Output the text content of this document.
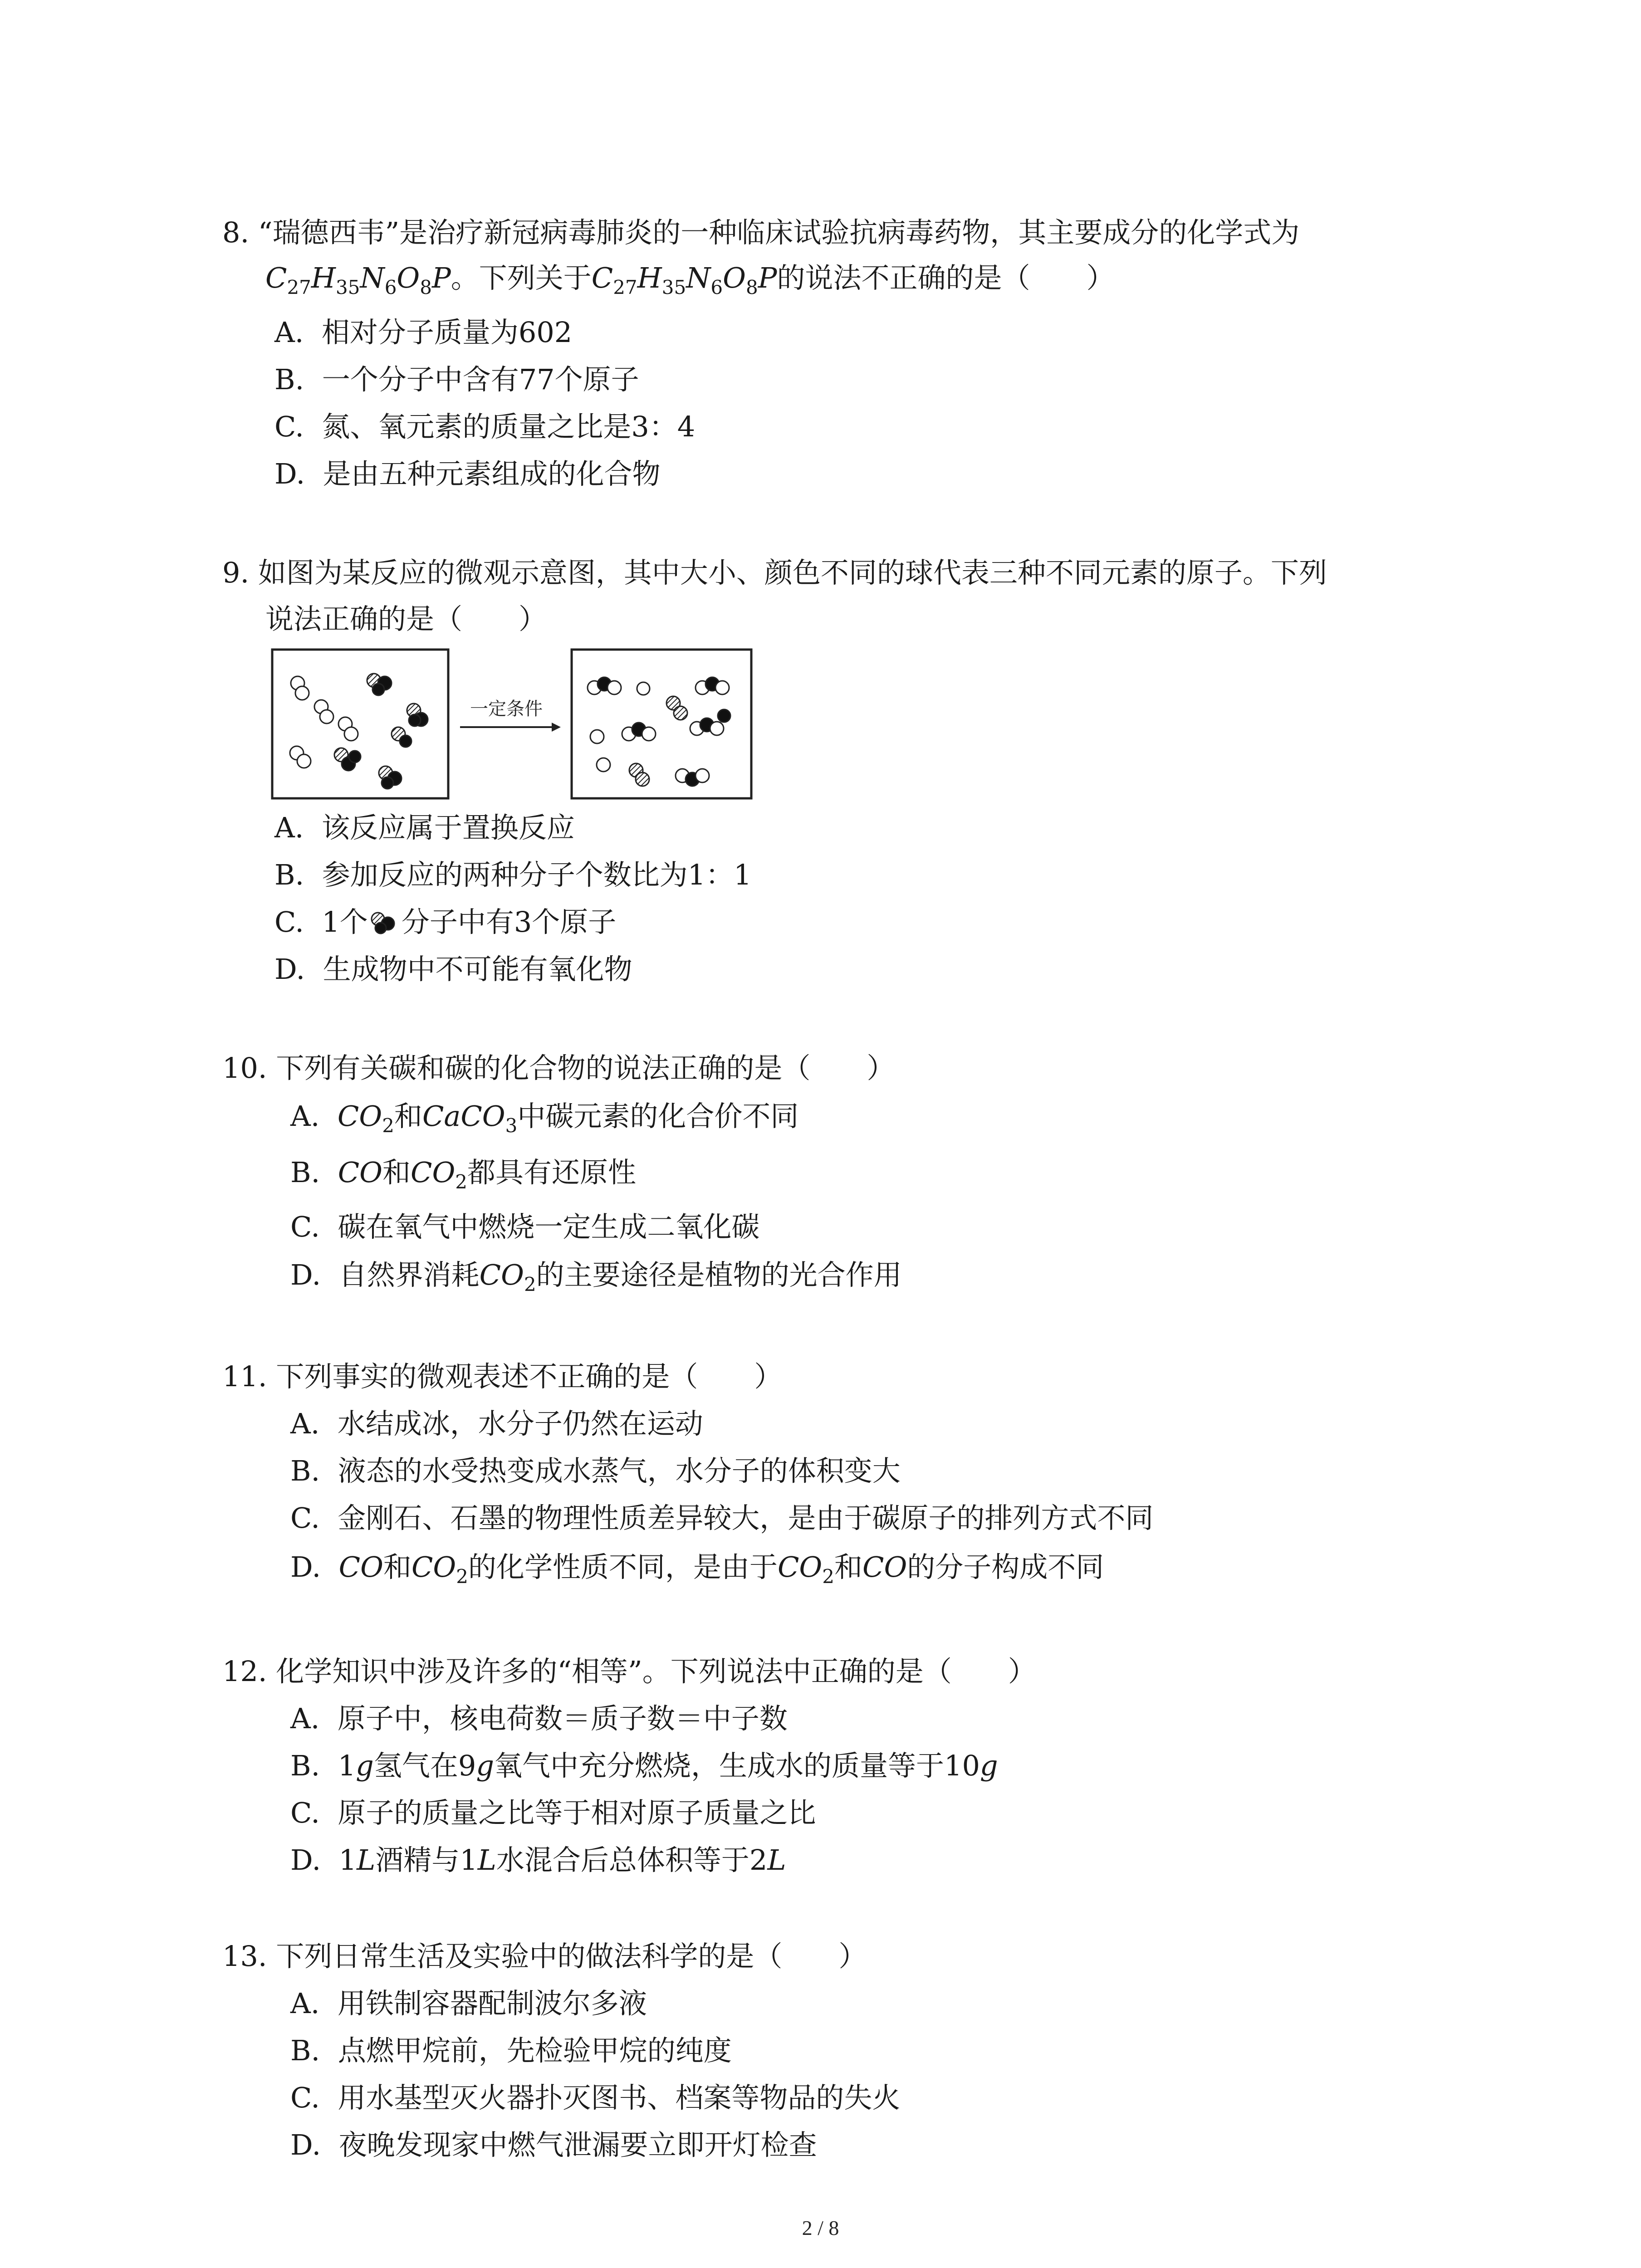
8. “瑞德西韦”是治疗新冠病毒肺炎的一种临床试验抗病毒药物，其主要成分的化学式为
$C_{27}H_{35}N_6O_8P$。下列关于$C_{27}H_{35}N_6O_8P$的说法不正确的是（　　）
A. 相对分子质量为602
B. 一个分子中含有77个原子
C. 氮、氧元素的质量之比是3：4
D. 是由五种元素组成的化合物
9. 如图为某反应的微观示意图，其中大小、颜色不同的球代表三种不同元素的原子。下列
说法正确的是（　　）
一定条件
A. 该反应属于置换反应
B. 参加反应的两种分子个数比为1：1
C. 1个 分子中有3个原子
D. 生成物中不可能有氧化物
10. 下列有关碳和碳的化合物的说法正确的是（　　）
A. $CO_2$和CaCO$_3$中碳元素的化合价不同
B. CO和$CO_2$都具有还原性
C. 碳在氧气中燃烧一定生成二氧化碳
D. 自然界消耗$CO_2$的主要途径是植物的光合作用
11. 下列事实的微观表述不正确的是（　　）
A. 水结成冰，水分子仍然在运动
B. 液态的水受热变成水蒸气，水分子的体积变大
C. 金刚石、石墨的物理性质差异较大，是由于碳原子的排列方式不同
D. CO和$CO_2$的化学性质不同，是由于$CO_2$和CO的分子构成不同
12. 化学知识中涉及许多的“相等”。下列说法中正确的是（　　）
A. 原子中，核电荷数＝质子数＝中子数
B. 1g氢气在9g氧气中充分燃烧，生成水的质量等于10g
C. 原子的质量之比等于相对原子质量之比
D. 1L酒精与1L水混合后总体积等于2L
13. 下列日常生活及实验中的做法科学的是（　　）
A. 用铁制容器配制波尔多液
B. 点燃甲烷前，先检验甲烷的纯度
C. 用水基型灭火器扑灭图书、档案等物品的失火
D. 夜晚发现家中燃气泄漏要立即开灯检查
2 / 8
